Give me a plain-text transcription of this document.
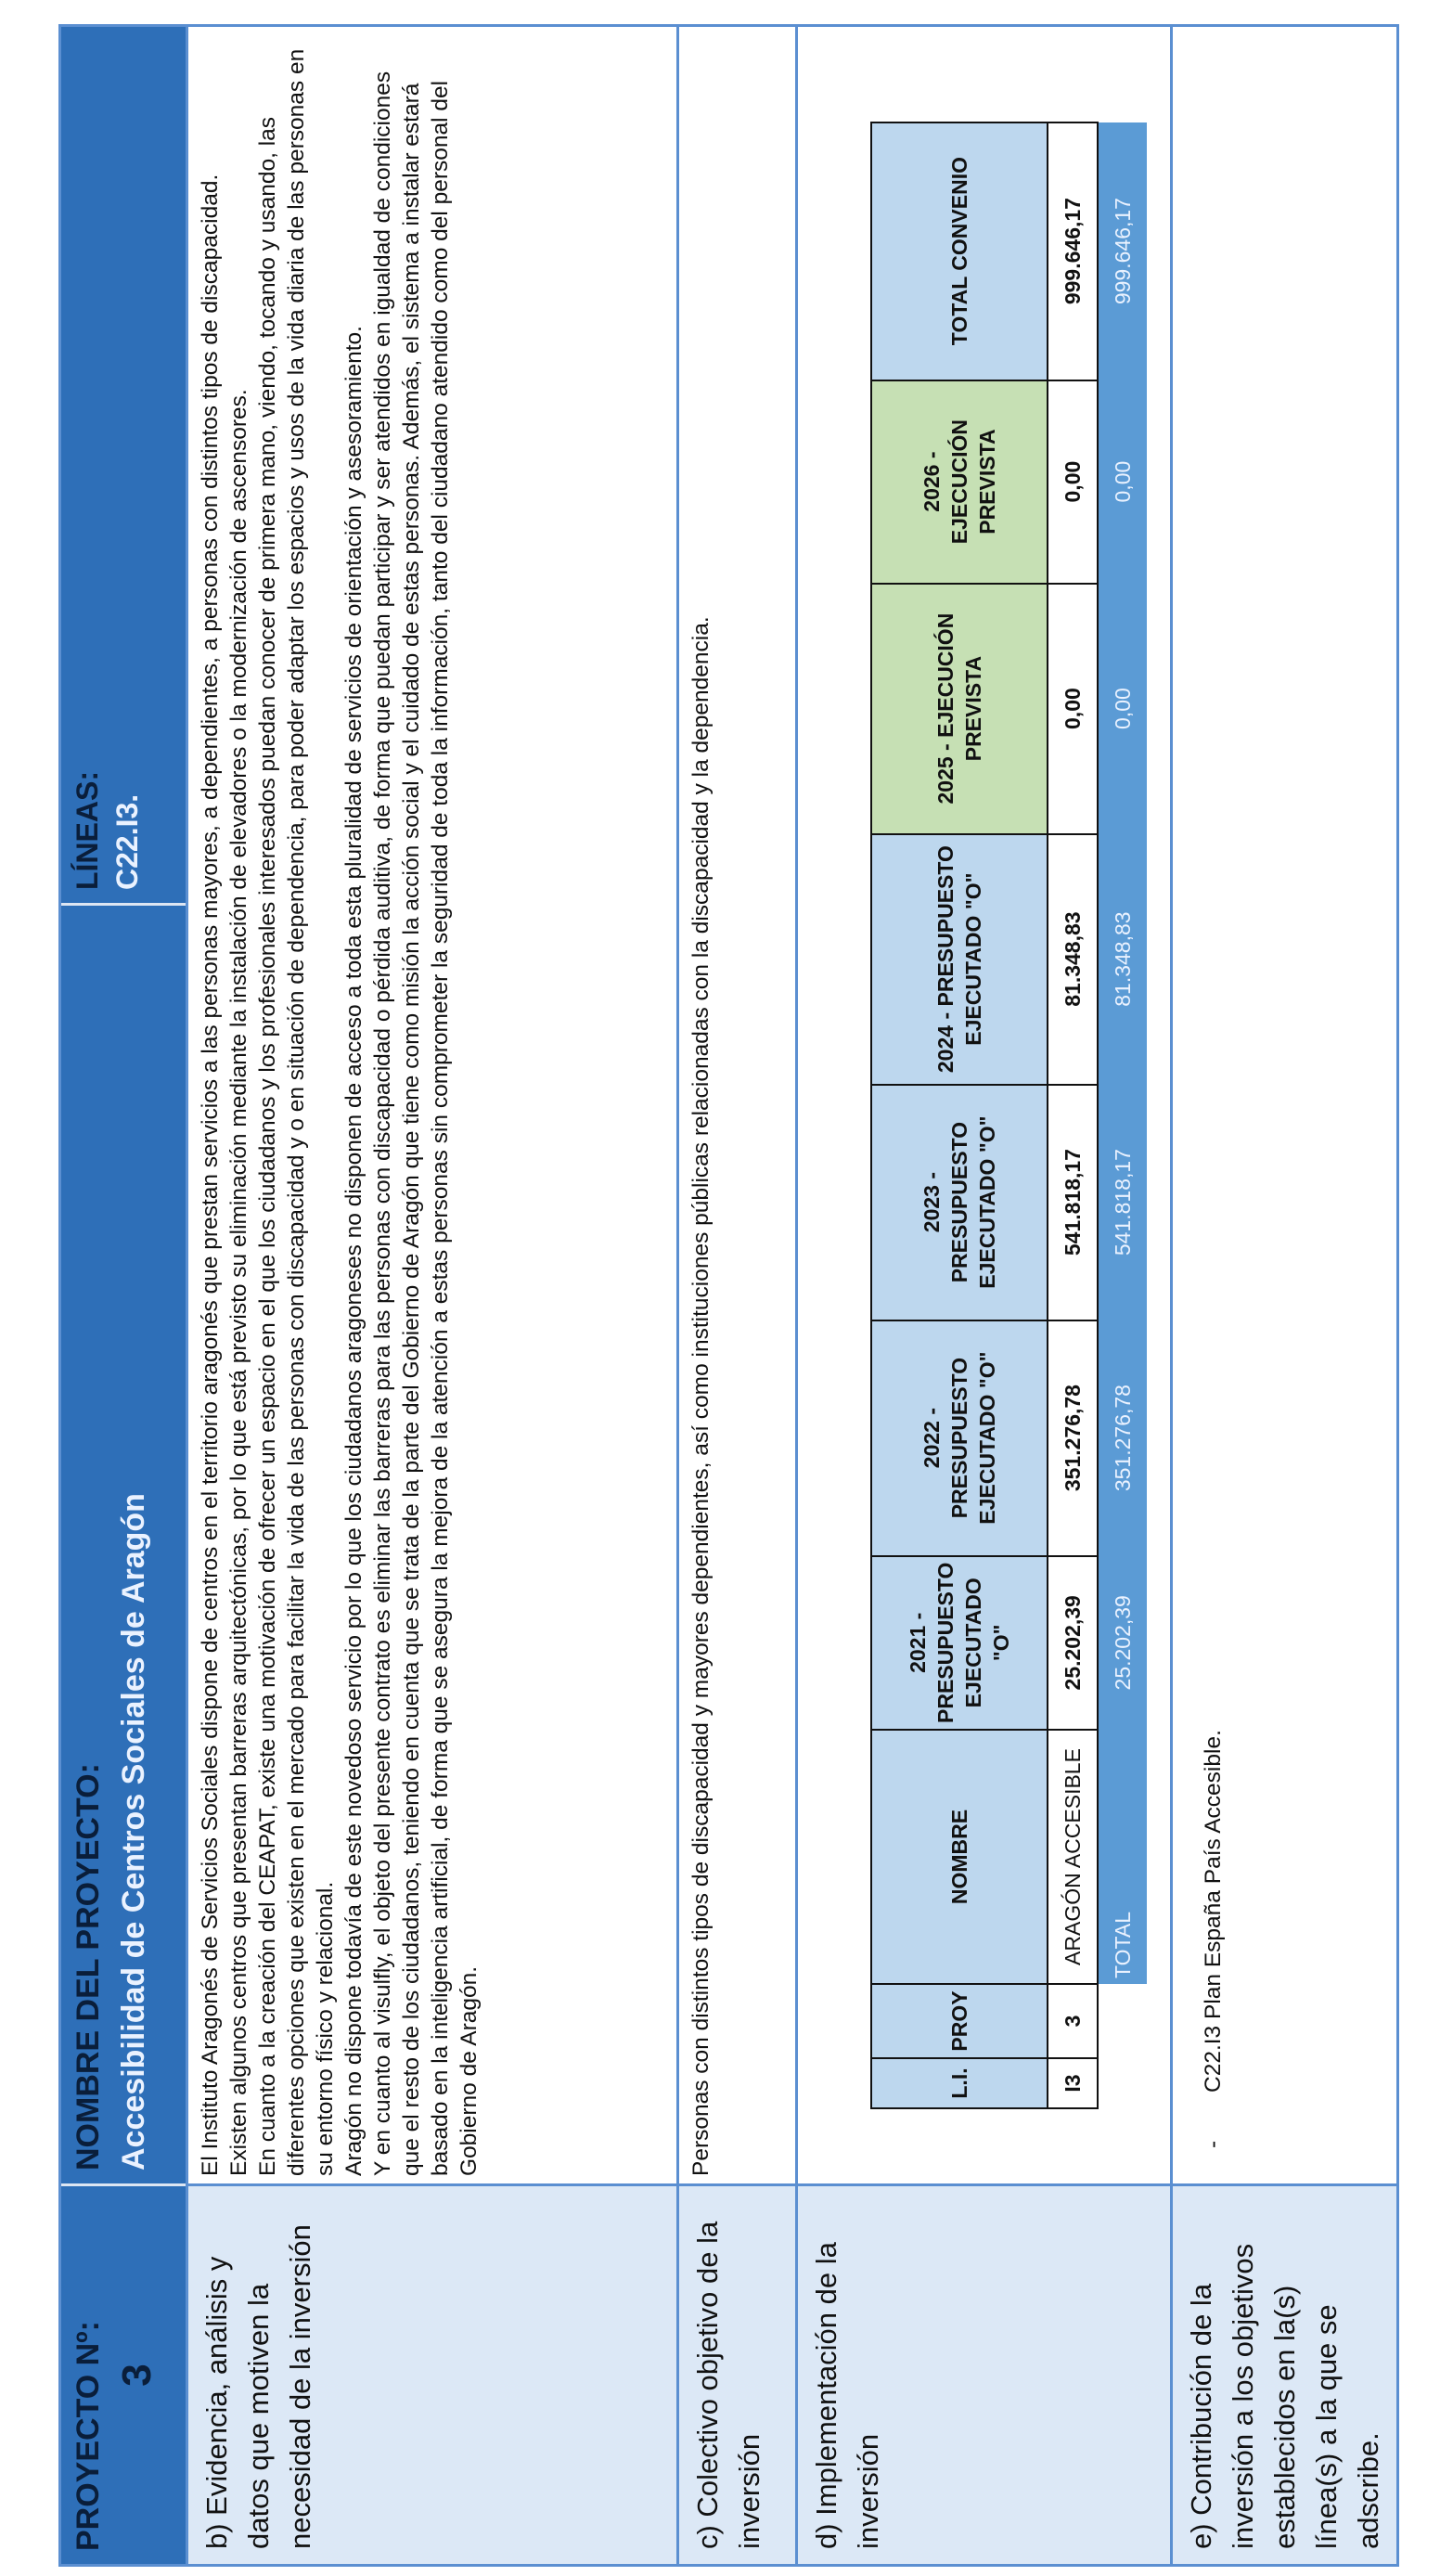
PROYECTO Nº: 3
NOMBRE DEL PROYECTO: Accesibilidad de Centros Sociales de Aragón
LÍNEAS: C22.I3.
b) Evidencia, análisis y datos que motiven la necesidad de la inversión

El Instituto Aragonés de Servicios Sociales dispone de centros en el territorio aragonés que prestan servicios a las personas mayores, a dependientes, a personas con distintos tipos de discapacidad. Existen algunos centros que presentan barreras arquitectónicas, por lo que está previsto su eliminación mediante la instalación de elevadores o la modernización de ascensores. En cuanto a la creación del CEAPAT, existe una motivación de ofrecer un espacio en el que los ciudadanos y los profesionales interesados puedan conocer de primera mano, viendo, tocando y usando, las diferentes opciones que existen en el mercado para facilitar la vida de las personas con discapacidad y o en situación de dependencia, para poder adaptar los espacios y usos de la vida diaria de las personas en su entorno físico y relacional. Aragón no dispone todavía de este novedoso servicio por lo que los ciudadanos aragoneses no disponen de acceso a toda esta pluralidad de servicios de orientación y asesoramiento. Y en cuanto al visulfly, el objeto del presente contrato es eliminar las barreras para las personas con discapacidad o pérdida auditiva, de forma que puedan participar y ser atendidos en igualdad de condiciones que el resto de los ciudadanos, teniendo en cuenta que se trata de la parte del Gobierno de Aragón que tiene como misión la acción social y el cuidado de estas personas. Además, el sistema a instalar estará basado en la inteligencia artificial, de forma que se asegura la mejora de la atención a estas personas sin comprometer la seguridad de toda la información, tanto del ciudadano atendido como del personal del Gobierno de Aragón.

c) Colectivo objetivo de la inversión
Personas con distintos tipos de discapacidad y mayores dependientes, así como instituciones públicas relacionadas con la discapacidad y la dependencia.
d) Implementación de la inversión
L.I.	PROY	NOMBRE	2021 - PRESUPUESTO EJECUTADO "O"	2022 - PRESUPUESTO EJECUTADO "O"	2023 - PRESUPUESTO EJECUTADO "O"	2024 - PRESUPUESTO EJECUTADO "O"	2025 - EJECUCIÓN PREVISTA	2026 - EJECUCIÓN PREVISTA	TOTAL CONVENIO
I3	3	ARAGÓN ACCESIBLE	25.202,39	351.276,78	541.818,17	81.348,83	0,00	0,00	999.646,17
		TOTAL	25.202,39	351.276,78	541.818,17	81.348,83	0,00	0,00	999.646,17
e) Contribución de la inversión a los objetivos establecidos en la(s) línea(s) a la que se adscribe.
-
C22.I3 Plan España País Accesible.
